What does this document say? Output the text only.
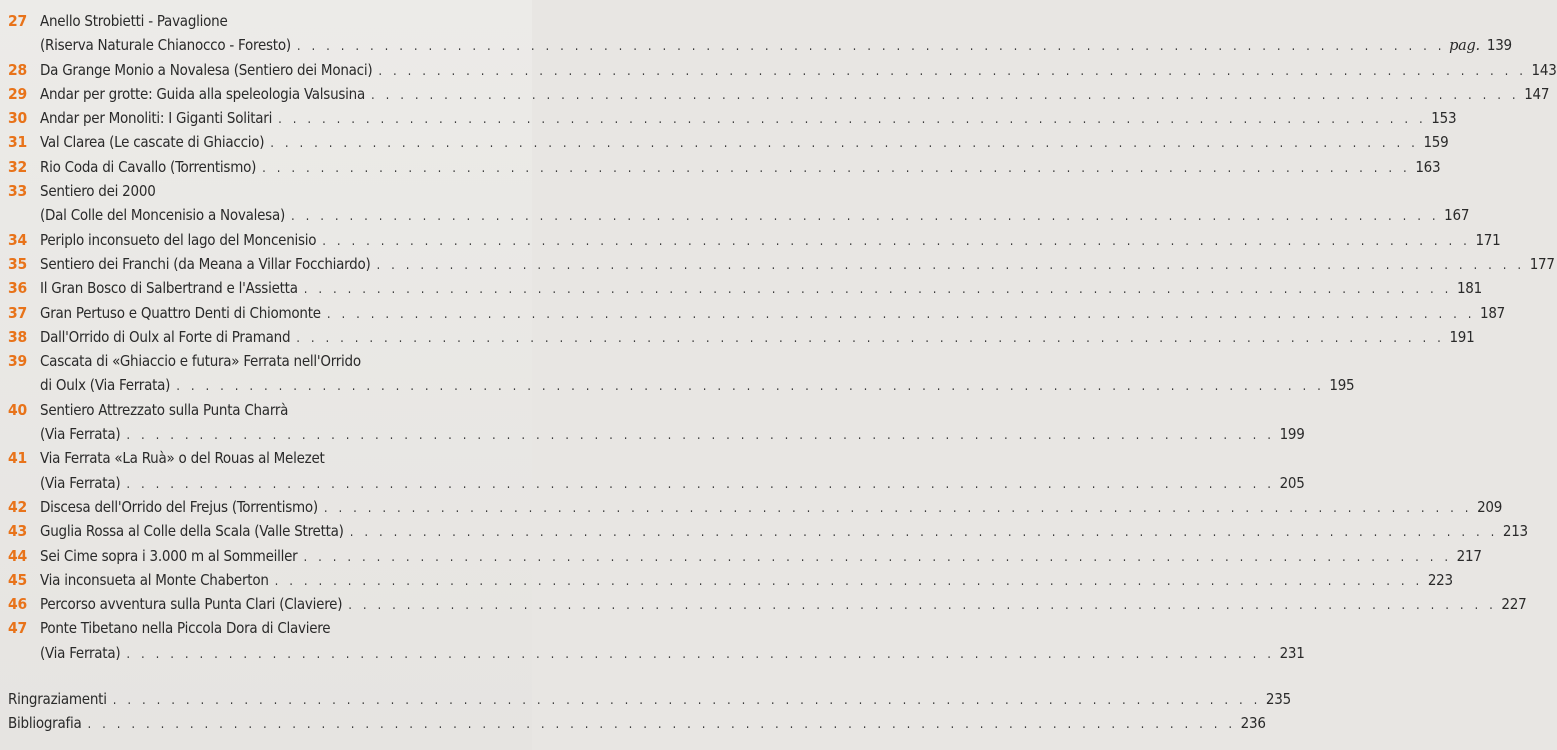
27 Anello Strobietti - Pavaglione
(Riserva Naturale Chianocco - Foresto) . . . . . . . . . . . . . . . . . . . . . . . . . . . . . . . . . . . . . . . . . . . . . . . . . . . . . . . . . . . . . . . . . . . . . . . . . . . . . . . pag. 139
28 Da Grange Monio a Novalesa (Sentiero dei Monaci) . . . . . . . . . . . . . . . . . . . . . . . . . . . . . . . . . . . . . . . . . . . . . . . . . . . . . . . . . . . . . . . . . . . . . . . . . . . . . . . 143
29 Andar per grotte: Guida alla speleologia Valsusina . . . . . . . . . . . . . . . . . . . . . . . . . . . . . . . . . . . . . . . . . . . . . . . . . . . . . . . . . . . . . . . . . . . . . . . . . . . . . . . 147
30 Andar per Monoliti: I Giganti Solitari . . . . . . . . . . . . . . . . . . . . . . . . . . . . . . . . . . . . . . . . . . . . . . . . . . . . . . . . . . . . . . . . . . . . . . . . . . . . . . . 153
31 Val Clarea (Le cascate di Ghiaccio) . . . . . . . . . . . . . . . . . . . . . . . . . . . . . . . . . . . . . . . . . . . . . . . . . . . . . . . . . . . . . . . . . . . . . . . . . . . . . . . 159
32 Rio Coda di Cavallo (Torrentismo) . . . . . . . . . . . . . . . . . . . . . . . . . . . . . . . . . . . . . . . . . . . . . . . . . . . . . . . . . . . . . . . . . . . . . . . . . . . . . . . 163
33 Sentiero dei 2000
(Dal Colle del Moncenisio a Novalesa) . . . . . . . . . . . . . . . . . . . . . . . . . . . . . . . . . . . . . . . . . . . . . . . . . . . . . . . . . . . . . . . . . . . . . . . . . . . . . . . 167
34 Periplo inconsueto del lago del Moncenisio . . . . . . . . . . . . . . . . . . . . . . . . . . . . . . . . . . . . . . . . . . . . . . . . . . . . . . . . . . . . . . . . . . . . . . . . . . . . . . . 171
35 Sentiero dei Franchi (da Meana a Villar Focchiardo) . . . . . . . . . . . . . . . . . . . . . . . . . . . . . . . . . . . . . . . . . . . . . . . . . . . . . . . . . . . . . . . . . . . . . . . . . . . . . . . 177
36 Il Gran Bosco di Salbertrand e l'Assietta . . . . . . . . . . . . . . . . . . . . . . . . . . . . . . . . . . . . . . . . . . . . . . . . . . . . . . . . . . . . . . . . . . . . . . . . . . . . . . . 181
37 Gran Pertuso e Quattro Denti di Chiomonte . . . . . . . . . . . . . . . . . . . . . . . . . . . . . . . . . . . . . . . . . . . . . . . . . . . . . . . . . . . . . . . . . . . . . . . . . . . . . . . 187
38 Dall'Orrido di Oulx al Forte di Pramand . . . . . . . . . . . . . . . . . . . . . . . . . . . . . . . . . . . . . . . . . . . . . . . . . . . . . . . . . . . . . . . . . . . . . . . . . . . . . . . 191
39 Cascata di «Ghiaccio e futura» Ferrata nell'Orrido
di Oulx (Via Ferrata) . . . . . . . . . . . . . . . . . . . . . . . . . . . . . . . . . . . . . . . . . . . . . . . . . . . . . . . . . . . . . . . . . . . . . . . . . . . . . . . 195
40 Sentiero Attrezzato sulla Punta Charrà
(Via Ferrata) . . . . . . . . . . . . . . . . . . . . . . . . . . . . . . . . . . . . . . . . . . . . . . . . . . . . . . . . . . . . . . . . . . . . . . . . . . . . . . . 199
41 Via Ferrata «La Ruà» o del Rouas al Melezet
(Via Ferrata) . . . . . . . . . . . . . . . . . . . . . . . . . . . . . . . . . . . . . . . . . . . . . . . . . . . . . . . . . . . . . . . . . . . . . . . . . . . . . . . 205
42 Discesa dell'Orrido del Frejus (Torrentismo) . . . . . . . . . . . . . . . . . . . . . . . . . . . . . . . . . . . . . . . . . . . . . . . . . . . . . . . . . . . . . . . . . . . . . . . . . . . . . . . 209
43 Guglia Rossa al Colle della Scala (Valle Stretta) . . . . . . . . . . . . . . . . . . . . . . . . . . . . . . . . . . . . . . . . . . . . . . . . . . . . . . . . . . . . . . . . . . . . . . . . . . . . . . . 213
44 Sei Cime sopra i 3.000 m al Sommeiller . . . . . . . . . . . . . . . . . . . . . . . . . . . . . . . . . . . . . . . . . . . . . . . . . . . . . . . . . . . . . . . . . . . . . . . . . . . . . . . 217
45 Via inconsueta al Monte Chaberton . . . . . . . . . . . . . . . . . . . . . . . . . . . . . . . . . . . . . . . . . . . . . . . . . . . . . . . . . . . . . . . . . . . . . . . . . . . . . . . 223
46 Percorso avventura sulla Punta Clari (Claviere) . . . . . . . . . . . . . . . . . . . . . . . . . . . . . . . . . . . . . . . . . . . . . . . . . . . . . . . . . . . . . . . . . . . . . . . . . . . . . . . 227
47 Ponte Tibetano nella Piccola Dora di Claviere
(Via Ferrata) . . . . . . . . . . . . . . . . . . . . . . . . . . . . . . . . . . . . . . . . . . . . . . . . . . . . . . . . . . . . . . . . . . . . . . . . . . . . . . . 231
Ringraziamenti . . . . . . . . . . . . . . . . . . . . . . . . . . . . . . . . . . . . . . . . . . . . . . . . . . . . . . . . . . . . . . . . . . . . . . . . . . . . . . . 235
Bibliografia . . . . . . . . . . . . . . . . . . . . . . . . . . . . . . . . . . . . . . . . . . . . . . . . . . . . . . . . . . . . . . . . . . . . . . . . . . . . . . . 236
